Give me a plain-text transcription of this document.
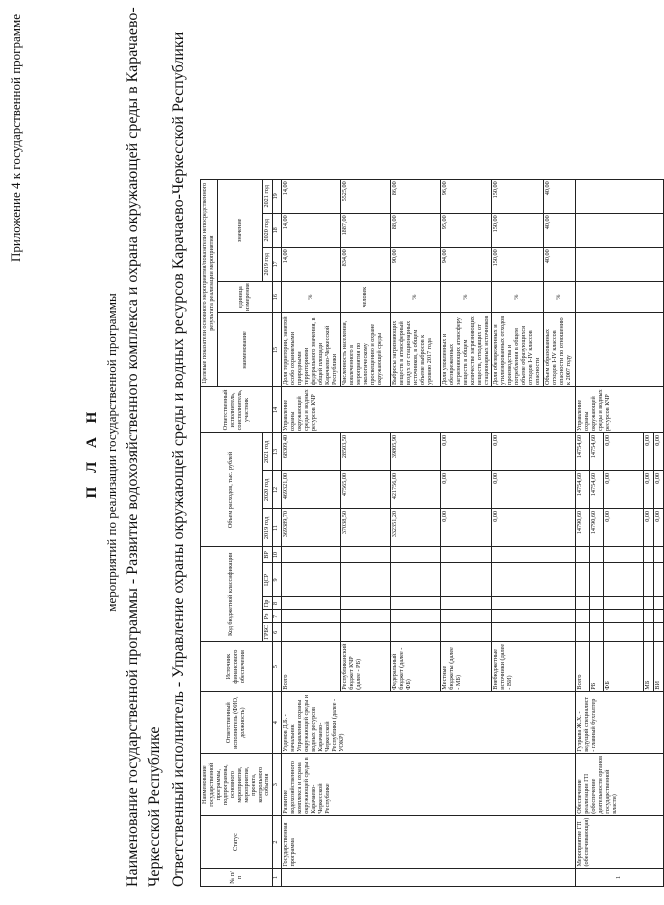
Приложение 4 к государственной программе
П Л А Н мероприятий по реализации государственной программы Наименование государственной программы - Развитие водохозяйственного комплекса и охрана окружающей среды в Карачаево- Черкесской Республике Ответственный исполнитель - Управление охраны окружающей среды и водных ресурсов Карачаево-Черкесской Республики	№ п/п	Статус	Наименование государственной программы, подпрограммы, основного мероприятия, мероприятия, проекта, контрольного события	Ответственный исполнитель (ФИО, должность)	Источник финансового обеспечения	Код бюджетной классификации					Объем расходов, тыс. рублей			Ответственный исполнитель, соисполнитель, участник	Целевые показатели основного мероприятия/показатели непосредственного результата реализации мероприятия				
														наименование	единица измерения	значение		
					ГРБС	Рз	Пр	ЦСР	ВР	2019 год	2020 год	2021 год				2019 год	2020 год	2021 год
1	2	3	4	5	6	7	8	9	10	11	12	13	14	15	16	17	18	19
	Государственная программа	Развитие водохозяйственного комплекса и охрана окружающей среды в Карачаево-Черкесской Республике	Узденов Д.Б. - начальник Управления охраны окружающей среды и водных ресурсов Карачаево-Черкесской Республики (далее - УОКР)	Всего						369389,70	469321,00	68309,40	Управление охраны окружающей среды и водных ресурсов КЧР	Доля территории, занятой особо охраняемыми природными территориями федерального значения, в общей площади Карачаево-Черкесской Республики	%	14,00	14,00	14,00
				Республиканский бюджет КЧР (далее - РБ)						37038,50	47565,00	28503,50		Численность населения, вовлеченного в мероприятия по экологическому просвещению и охране окружающей среды	человек	834,00	1887,00	5525,00
				Федеральный бюджет (далее - ФБ)						332351,20	421756,00	39805,90		Выбросы загрязняющих веществ в атмосферный воздух от стационарных источников, в общем объеме выбросов к уровню 2017 года	%	90,00	88,00	86,00
				Местные бюджеты (далее - МБ)						0,00	0,00	0,00		Доля уловленных и обезвреженных загрязняющих атмосферу веществ в общем количестве загрязняющих веществ, отходящих от стационарных источников	%	94,00	95,00	96,00
				Внебюджетные источники (далее - ВИ)						0,00	0,00	0,00		Доля обезвреженных и утилизированных отходов производства и потребления в общем объеме образующихся отходов I-IV классов опасности	%	150,00	150,00	150,00
														Объем образованных отходов I-IV классов опасности по отношению к 2007 году	%	40,00	40,00	40,00
1	Мероприятие ГП (обеспечивающая)	Обеспечение реализации ГП (обеспечение деятельности органов государственной власти)	Гуэрыва Ж.Х. - ведущий специалист - главный бухгалтер	Всего						14790,60	14754,60	14754,60	Управление охраны окружающей среды и водных ресурсов КЧР					
				РБ						14790,60	14754,60	14754,60						
				ФБ						0,00	0,00	0,00						
				МБ						0,00	0,00	0,00						
				ВИ						0,00	0,00	0,00						
